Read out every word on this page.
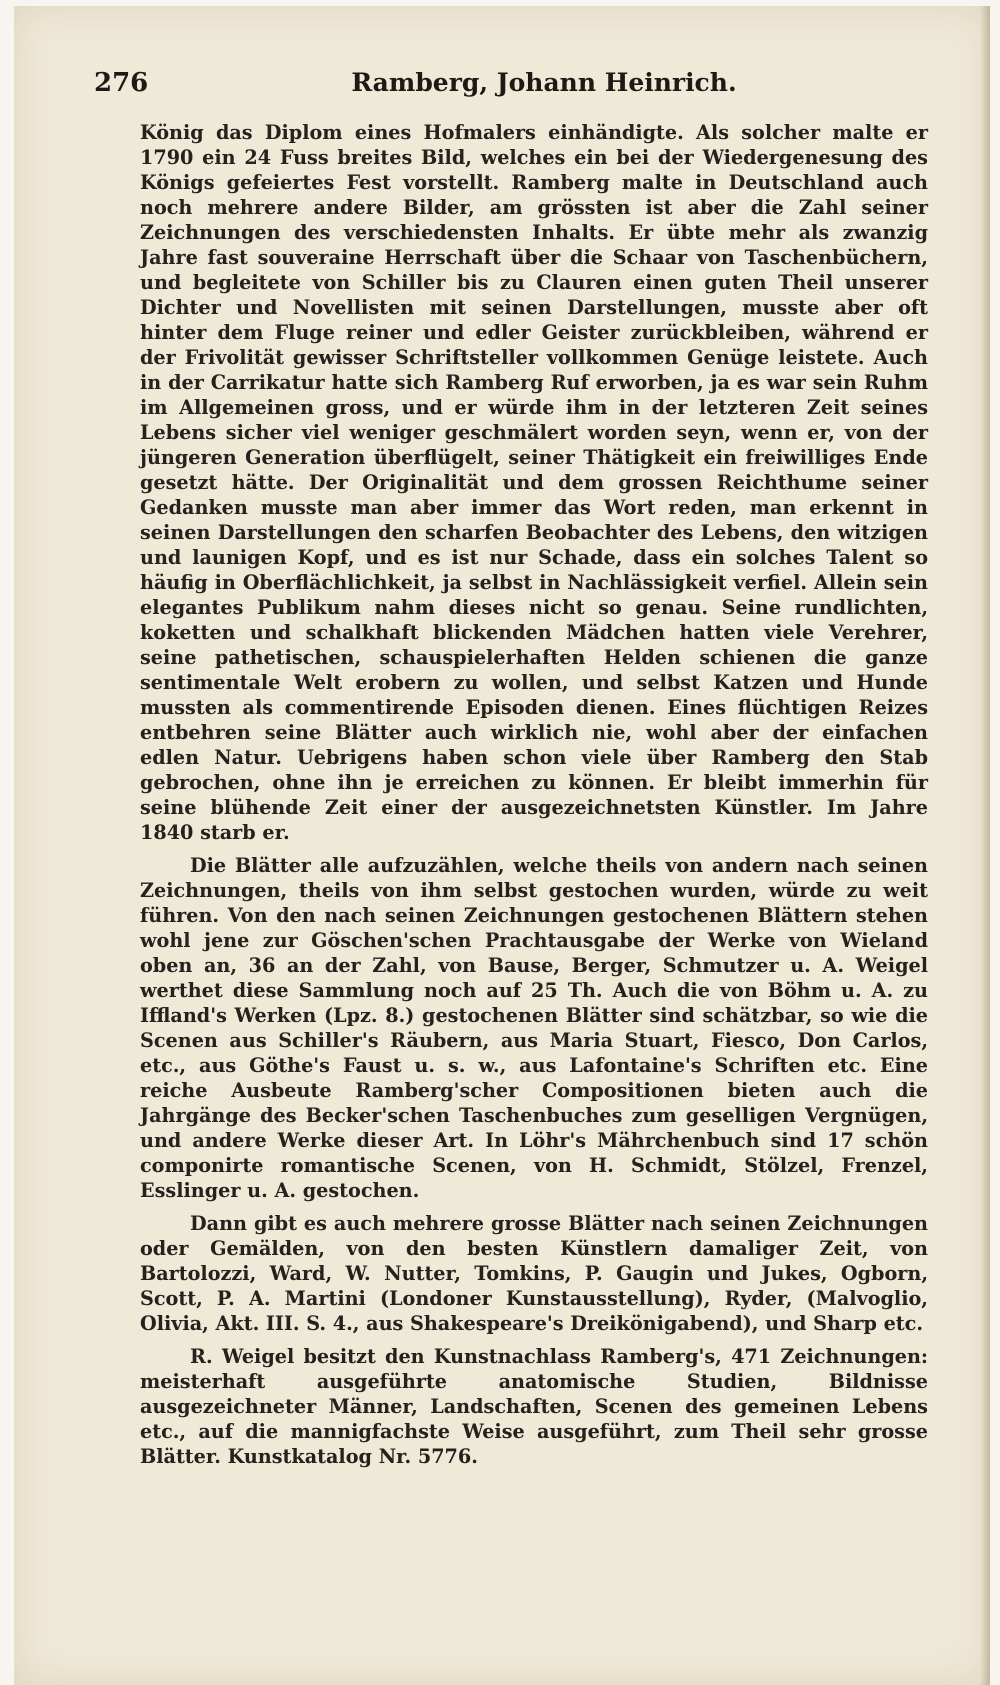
276	Ramberg, Johann Heinrich.

König das Diplom eines Hofmalers einhändigte. Als solcher malte er 1790 ein 24 Fuss breites Bild, welches ein bei der Wiedergenesung des Königs gefeiertes Fest vorstellt. Ramberg malte in Deutschland auch noch mehrere andere Bilder, am grössten ist aber die Zahl seiner Zeichnungen des verschiedensten Inhalts. Er übte mehr als zwanzig Jahre fast souveraine Herrschaft über die Schaar von Taschenbüchern, und begleitete von Schiller bis zu Clauren einen guten Theil unserer Dichter und Novellisten mit seinen Darstellungen, musste aber oft hinter dem Fluge reiner und edler Geister zurückbleiben, während er der Frivolität gewisser Schriftsteller vollkommen Genüge leistete. Auch in der Carrikatur hatte sich Ramberg Ruf erworben, ja es war sein Ruhm im Allgemeinen gross, und er würde ihm in der letzteren Zeit seines Lebens sicher viel weniger geschmälert worden seyn, wenn er, von der jüngeren Generation überflügelt, seiner Thätigkeit ein freiwilliges Ende gesetzt hätte. Der Originalität und dem grossen Reichthume seiner Gedanken musste man aber immer das Wort reden, man erkennt in seinen Darstellungen den scharfen Beobachter des Lebens, den witzigen und launigen Kopf, und es ist nur Schade, dass ein solches Talent so häufig in Oberflächlichkeit, ja selbst in Nachlässigkeit verfiel. Allein sein elegantes Publikum nahm dieses nicht so genau. Seine rundlichten, koketten und schalkhaft blickenden Mädchen hatten viele Verehrer, seine pathetischen, schauspielerhaften Helden schienen die ganze sentimentale Welt erobern zu wollen, und selbst Katzen und Hunde mussten als commentirende Episoden dienen. Eines flüchtigen Reizes entbehren seine Blätter auch wirklich nie, wohl aber der einfachen edlen Natur. Uebrigens haben schon viele über Ramberg den Stab gebrochen, ohne ihn je erreichen zu können. Er bleibt immerhin für seine blühende Zeit einer der ausgezeichnetsten Künstler. Im Jahre 1840 starb er.

Die Blätter alle aufzuzählen, welche theils von andern nach seinen Zeichnungen, theils von ihm selbst gestochen wurden, würde zu weit führen. Von den nach seinen Zeichnungen gestochenen Blättern stehen wohl jene zur Göschen'schen Prachtausgabe der Werke von Wieland oben an, 36 an der Zahl, von Bause, Berger, Schmutzer u. A. Weigel werthet diese Sammlung noch auf 25 Th. Auch die von Böhm u. A. zu Iffland's Werken (Lpz. 8.) gestochenen Blätter sind schätzbar, so wie die Scenen aus Schiller's Räubern, aus Maria Stuart, Fiesco, Don Carlos, etc., aus Göthe's Faust u. s. w., aus Lafontaine's Schriften etc. Eine reiche Ausbeute Ramberg'scher Compositionen bieten auch die Jahrgänge des Becker'schen Taschenbuches zum geselligen Vergnügen, und andere Werke dieser Art. In Löhr's Mährchenbuch sind 17 schön componirte romantische Scenen, von H. Schmidt, Stölzel, Frenzel, Esslinger u. A. gestochen.

Dann gibt es auch mehrere grosse Blätter nach seinen Zeichnungen oder Gemälden, von den besten Künstlern damaliger Zeit, von Bartolozzi, Ward, W. Nutter, Tomkins, P. Gaugin und Jukes, Ogborn, Scott, P. A. Martini (Londoner Kunstausstellung), Ryder, (Malvoglio, Olivia, Akt. III. S. 4., aus Shakespeare's Dreikönigabend), und Sharp etc.

R. Weigel besitzt den Kunstnachlass Ramberg's, 471 Zeichnungen: meisterhaft ausgeführte anatomische Studien, Bildnisse ausgezeichneter Männer, Landschaften, Scenen des gemeinen Lebens etc., auf die mannigfachste Weise ausgeführt, zum Theil sehr grosse Blätter. Kunstkatalog Nr. 5776.
